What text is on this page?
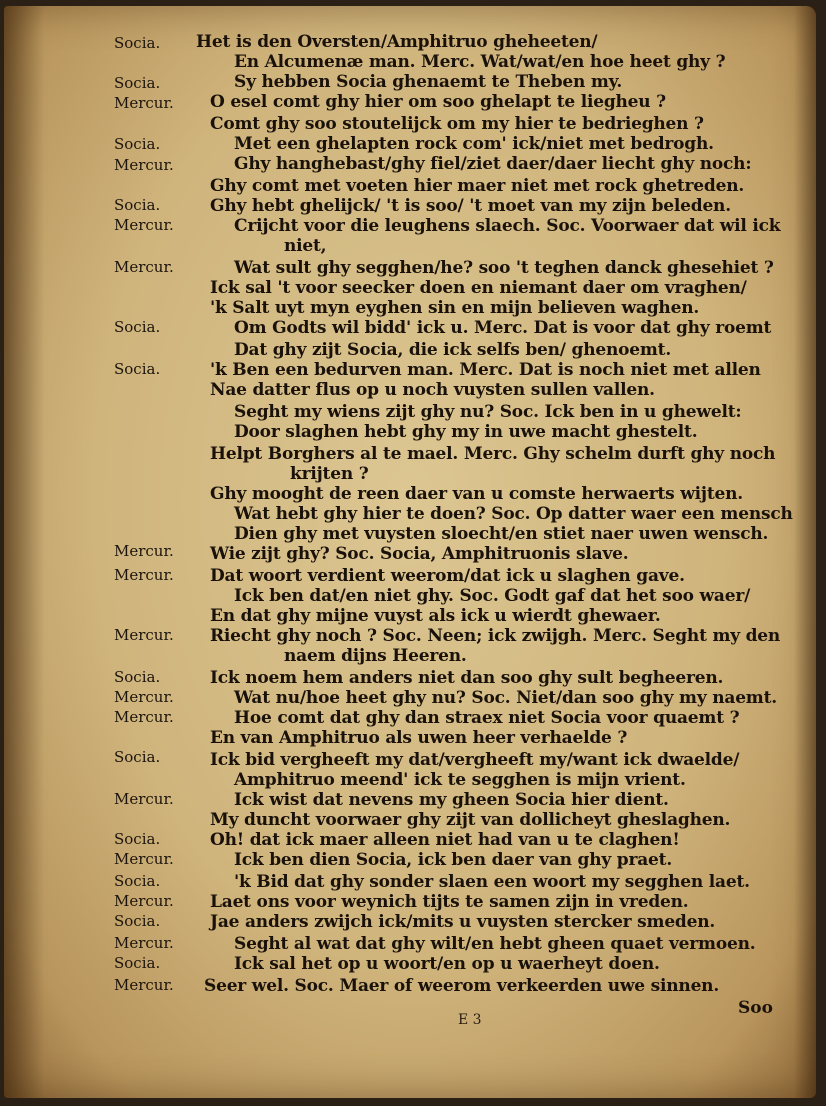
Socia.
Socia.
Mercur.
Socia.
Mercur.
Socia.
Mercur.
Mercur.
Socia.
Socia.
Mercur.
Mercur.
Mercur.
Socia.
Mercur.
Mercur.
Socia.
Mercur.
Socia.
Mercur.
Socia.
Mercur.
Socia.
Mercur.
Socia.
Mercur.
Het is den Oversten/Amphitruo gheheeten/
En Alcumenæ man. Merc. Wat/wat/en hoe heet ghy ?
Sy hebben Socia ghenaemt te Theben my.
O esel comt ghy hier om soo ghelapt te liegheu ?
Comt ghy soo stoutelijck om my hier te bedrieghen ?
Met een ghelapten rock com' ick/niet met bedrogh.
Ghy hanghebast/ghy fiel/ziet daer/daer liecht ghy noch:
Ghy comt met voeten hier maer niet met rock ghetreden.
Ghy hebt ghelijck/ 't is soo/ 't moet van my zijn beleden.
Crijcht voor die leughens slaech. Soc. Voorwaer dat wil ick
niet,
Wat sult ghy segghen/he? soo 't teghen danck ghesehiet ?
Ick sal 't voor seecker doen en niemant daer om vraghen/
'k Salt uyt myn eyghen sin en mijn believen waghen.
Om Godts wil bidd' ick u. Merc. Dat is voor dat ghy roemt
Dat ghy zijt Socia, die ick selfs ben/ ghenoemt.
'k Ben een bedurven man. Merc. Dat is noch niet met allen
Nae datter flus op u noch vuysten sullen vallen.
Seght my wiens zijt ghy nu? Soc. Ick ben in u ghewelt:
Door slaghen hebt ghy my in uwe macht ghestelt.
Helpt Borghers al te mael. Merc. Ghy schelm durft ghy noch
krijten ?
Ghy mooght de reen daer van u comste herwaerts wijten.
Wat hebt ghy hier te doen? Soc. Op datter waer een mensch
Dien ghy met vuysten sloecht/en stiet naer uwen wensch.
Wie zijt ghy? Soc. Socia, Amphitruonis slave.
Dat woort verdient weerom/dat ick u slaghen gave.
Ick ben dat/en niet ghy. Soc. Godt gaf dat het soo waer/
En dat ghy mijne vuyst als ick u wierdt ghewaer.
Riecht ghy noch ? Soc. Neen; ick zwijgh. Merc. Seght my den
naem dijns Heeren.
Ick noem hem anders niet dan soo ghy sult begheeren.
Wat nu/hoe heet ghy nu? Soc. Niet/dan soo ghy my naemt.
Hoe comt dat ghy dan straex niet Socia voor quaemt ?
En van Amphitruo als uwen heer verhaelde ?
Ick bid vergheeft my dat/vergheeft my/want ick dwaelde/
Amphitruo meend' ick te segghen is mijn vrient.
Ick wist dat nevens my gheen Socia hier dient.
My duncht voorwaer ghy zijt van dollicheyt gheslaghen.
Oh! dat ick maer alleen niet had van u te claghen!
Ick ben dien Socia, ick ben daer van ghy praet.
'k Bid dat ghy sonder slaen een woort my segghen laet.
Laet ons voor weynich tijts te samen zijn in vreden.
Jae anders zwijch ick/mits u vuysten stercker smeden.
Seght al wat dat ghy wilt/en hebt gheen quaet vermoen.
Ick sal het op u woort/en op u waerheyt doen.
Seer wel. Soc. Maer of weerom verkeerden uwe sinnen.
Soo
E 3
